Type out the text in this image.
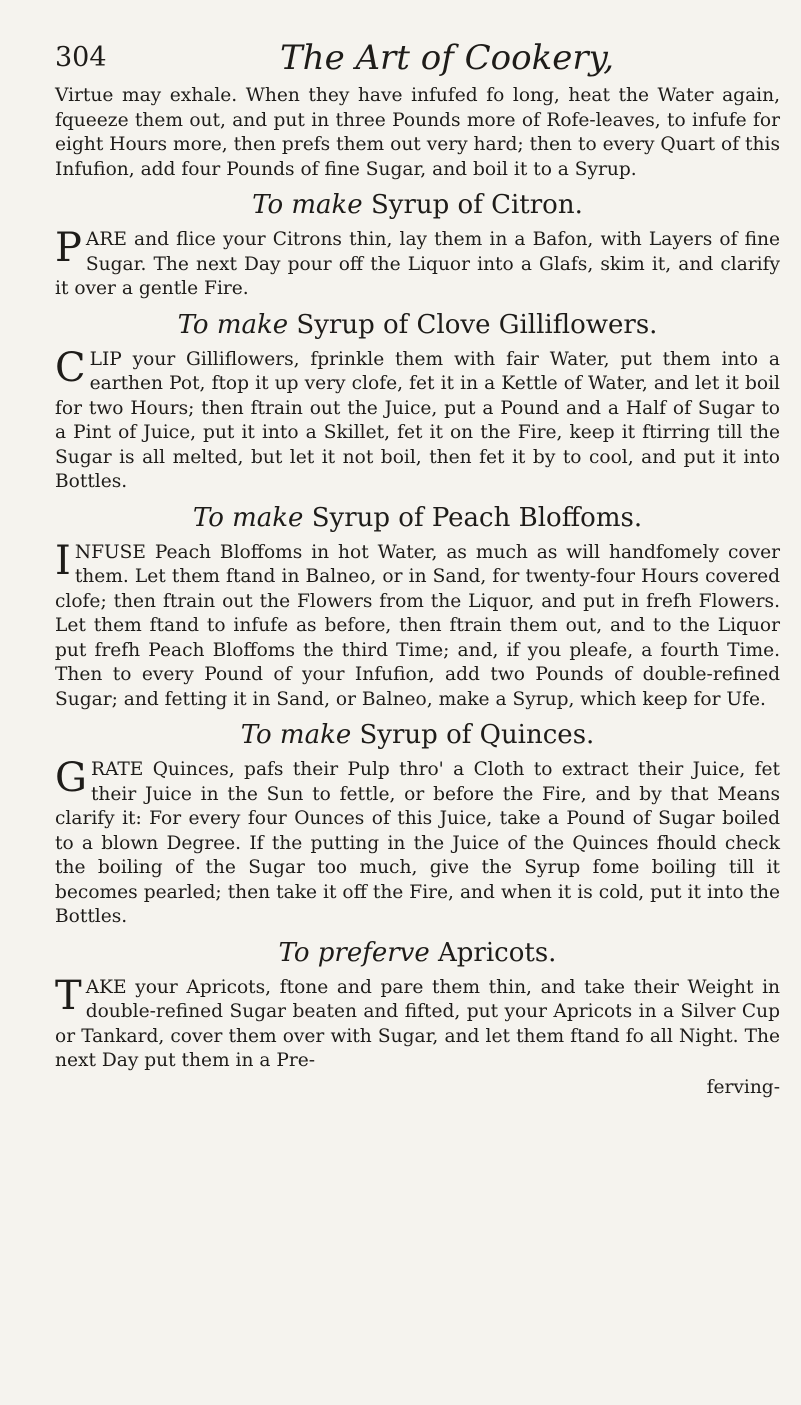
304	The Art of Cookery,

Virtue may exhale. When they have infufed fo long, heat the Water again, fqueeze them out, and put in three Pounds more of Rofe-leaves, to infufe for eight Hours more, then prefs them out very hard; then to every Quart of this Infufion, add four Pounds of fine Sugar, and boil it to a Syrup.

To make Syrup of Citron.

P ARE and flice your Citrons thin, lay them in a Bafon, with Layers of fine Sugar. The next Day pour off the Liquor into a Glafs, skim it, and clarify it over a gentle Fire.

To make Syrup of Clove Gilliflowers.

C LIP your Gilliflowers, fprinkle them with fair Water, put them into a earthen Pot, ftop it up very clofe, fet it in a Kettle of Water, and let it boil for two Hours; then ftrain out the Juice, put a Pound and a Half of Sugar to a Pint of Juice, put it into a Skillet, fet it on the Fire, keep it ftirring till the Sugar is all melted, but let it not boil, then fet it by to cool, and put it into Bottles.

To make Syrup of Peach Bloffoms.

I NFUSE Peach Bloffoms in hot Water, as much as will handfomely cover them. Let them ftand in Balneo, or in Sand, for twenty-four Hours covered clofe; then ftrain out the Flowers from the Liquor, and put in frefh Flowers. Let them ftand to infufe as before, then ftrain them out, and to the Liquor put frefh Peach Bloffoms the third Time; and, if you pleafe, a fourth Time. Then to every Pound of your Infufion, add two Pounds of double-refined Sugar; and fetting it in Sand, or Balneo, make a Syrup, which keep for Ufe.

To make Syrup of Quinces.

G RATE Quinces, pafs their Pulp thro' a Cloth to extract their Juice, fet their Juice in the Sun to fettle, or before the Fire, and by that Means clarify it: For every four Ounces of this Juice, take a Pound of Sugar boiled to a blown Degree. If the putting in the Juice of the Quinces fhould check the boiling of the Sugar too much, give the Syrup fome boiling till it becomes pearled; then take it off the Fire, and when it is cold, put it into the Bottles.

To preferve Apricots.

T AKE your Apricots, ftone and pare them thin, and take their Weight in double-refined Sugar beaten and fifted, put your Apricots in a Silver Cup or Tankard, cover them over with Sugar, and let them ftand fo all Night. The next Day put them in a Pre-

ferving-
